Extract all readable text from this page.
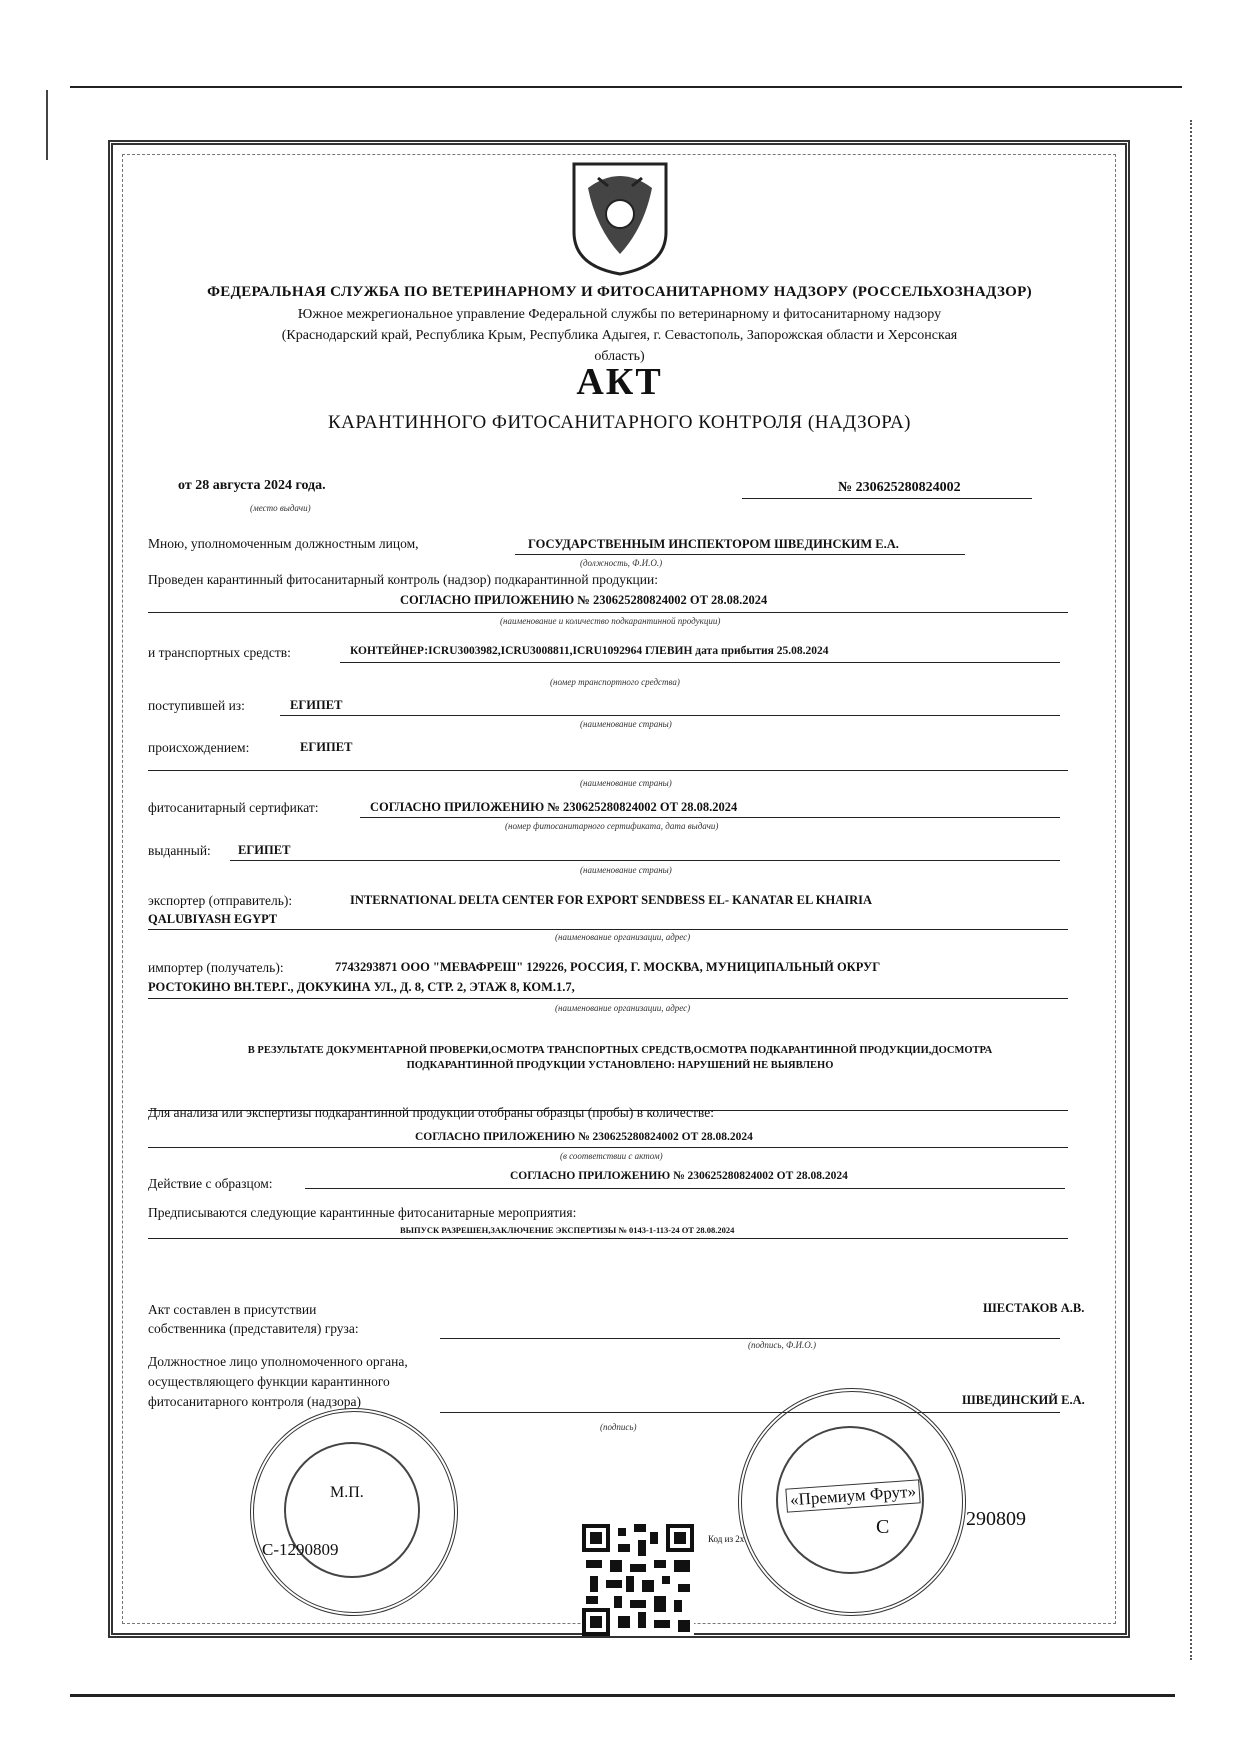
ФЕДЕРАЛЬНАЯ СЛУЖБА ПО ВЕТЕРИНАРНОМУ И ФИТОСАНИТАРНОМУ НАДЗОРУ (РОССЕЛЬХОЗНАДЗОР)
Южное межрегиональное управление Федеральной службы по ветеринарному и фитосанитарному надзору
(Краснодарский край, Республика Крым, Республика Адыгея, г. Севастополь, Запорожская области и Херсонская
область)
АКТ
КАРАНТИННОГО ФИТОСАНИТАРНОГО КОНТРОЛЯ (НАДЗОРА)
от 28 августа 2024 года.
(место выдачи)
№ 230625280824002
Мною, уполномоченным должностным лицом,	ГОСУДАРСТВЕННЫМ ИНСПЕКТОРОМ ШВЕДИНСКИМ Е.А.
(должность, Ф.И.О.)
Проведен карантинный фитосанитарный контроль (надзор) подкарантинной продукции:
СОГЛАСНО ПРИЛОЖЕНИЮ № 230625280824002 ОТ 28.08.2024
(наименование и количество подкарантинной продукции)
и транспортных средств:	КОНТЕЙНЕР:ICRU3003982,ICRU3008811,ICRU1092964 ГЛЕВИН дата прибытия 25.08.2024
(номер транспортного средства)
поступившей из:	ЕГИПЕТ
(наименование страны)
происхождением:	ЕГИПЕТ
(наименование страны)
фитосанитарный сертификат:	СОГЛАСНО ПРИЛОЖЕНИЮ № 230625280824002 ОТ 28.08.2024
(номер фитосанитарного сертификата, дата выдачи)
выданный: ЕГИПЕТ
(наименование страны)
экспортер (отправитель):	INTERNATIONAL DELTA CENTER FOR EXPORT SENDBESS EL- KANATAR EL KHAIRIA
QALUBIYASH EGYPT
(наименование организации, адрес)
импортер (получатель):	7743293871 ООО "МЕВАФРЕШ" 129226, РОССИЯ, Г. МОСКВА, МУНИЦИПАЛЬНЫЙ ОКРУГ
РОСТОКИНО ВН.ТЕР.Г., ДОКУКИНА УЛ., Д. 8, СТР. 2, ЭТАЖ 8, КОМ.1.7,
(наименование организации, адрес)
В РЕЗУЛЬТАТЕ ДОКУМЕНТАРНОЙ ПРОВЕРКИ,ОСМОТРА ТРАНСПОРТНЫХ СРЕДСТВ,ОСМОТРА ПОДКАРАНТИННОЙ ПРОДУКЦИИ,ДОСМОТРА
ПОДКАРАНТИННОЙ ПРОДУКЦИИ УСТАНОВЛЕНО: НАРУШЕНИЙ НЕ ВЫЯВЛЕНО
Для анализа или экспертизы подкарантинной продукции отобраны образцы (пробы) в количестве:
СОГЛАСНО ПРИЛОЖЕНИЮ № 230625280824002 ОТ 28.08.2024
(в соответствии с актом)
Действие с образцом:	СОГЛАСНО ПРИЛОЖЕНИЮ № 230625280824002 ОТ 28.08.2024
Предписываются следующие карантинные фитосанитарные мероприятия:
ВЫПУСК РАЗРЕШЕН,ЗАКЛЮЧЕНИЕ ЭКСПЕРТИЗЫ № 0143-1-113-24 ОТ 28.08.2024
Акт составлен в присутствии
собственника (представителя) груза:
ШЕСТАКОВ А.В.
(подпись, Ф.И.О.)
Должностное лицо уполномоченного органа,
осуществляющего функции карантинного
фитосанитарного контроля (надзора)	ШВЕДИНСКИЙ Е.А.
(подпись)
М.П.
С-1290809
Код из 2х
«Премиум Фрут»
С	290809
